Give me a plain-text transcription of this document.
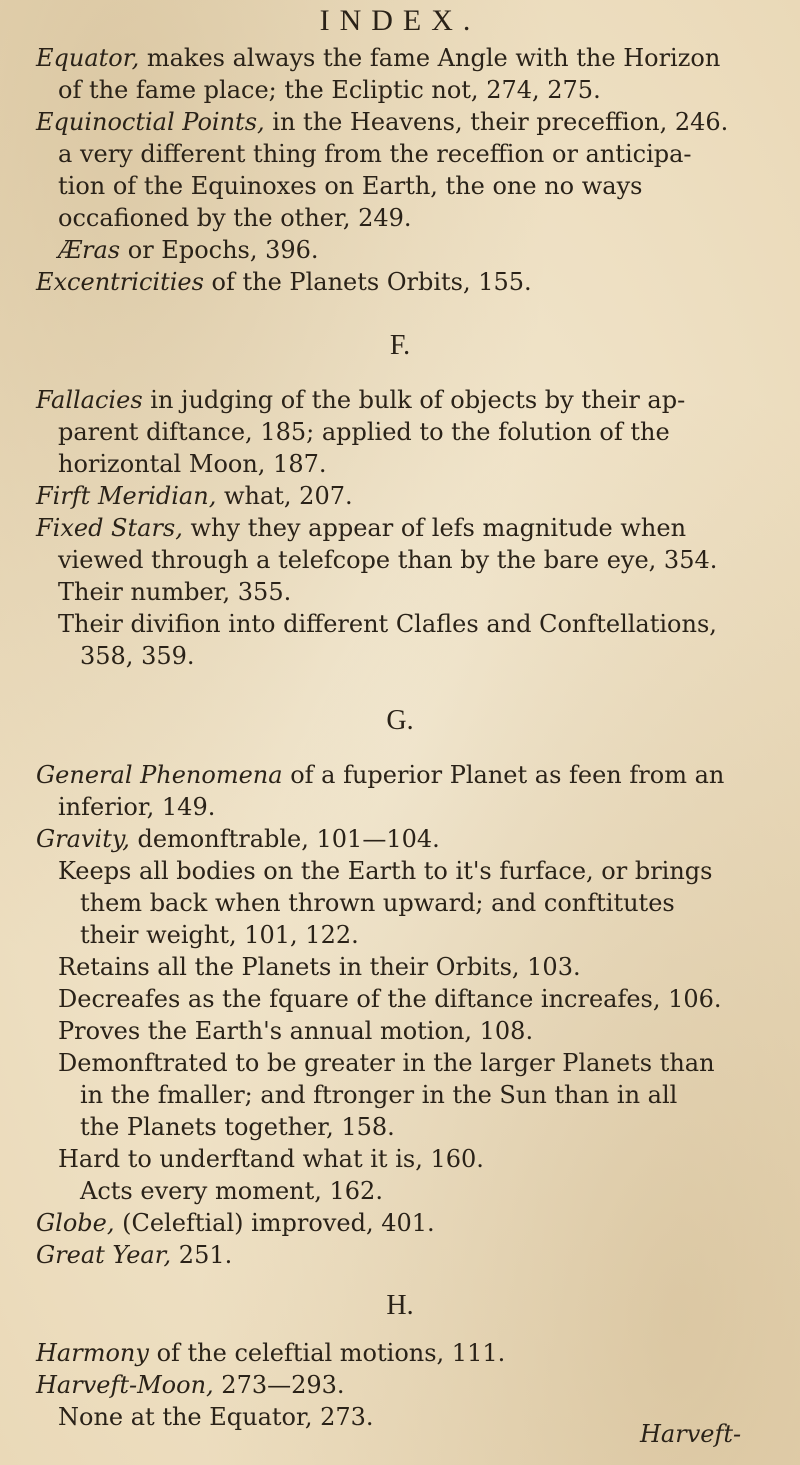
INDEX.
Equator, makes always the fame Angle with the Horizon
of the fame place; the Ecliptic not, 274, 275.
Equinoctial Points, in the Heavens, their preceffion, 246.
a very different thing from the receffion or anticipa-
tion of the Equinoxes on Earth, the one no ways
occafioned by the other, 249.
Æras or Epochs, 396.
Excentricities of the Planets Orbits, 155.
F.
Fallacies in judging of the bulk of objects by their ap-
parent diftance, 185; applied to the folution of the
horizontal Moon, 187.
Firft Meridian, what, 207.
Fixed Stars, why they appear of lefs magnitude when
viewed through a telefcope than by the bare eye, 354.
Their number, 355.
Their divifion into different Clafles and Conftellations,
358, 359.
G.
General Phenomena of a fuperior Planet as feen from an
inferior, 149.
Gravity, demonftrable, 101—104.
Keeps all bodies on the Earth to it's furface, or brings
them back when thrown upward; and conftitutes
their weight, 101, 122.
Retains all the Planets in their Orbits, 103.
Decreafes as the fquare of the diftance increafes, 106.
Proves the Earth's annual motion, 108.
Demonftrated to be greater in the larger Planets than
in the fmaller; and ftronger in the Sun than in all
the Planets together, 158.
Hard to underftand what it is, 160.
Acts every moment, 162.
Globe, (Celeftial) improved, 401.
Great Year, 251.
H.
Harmony of the celeftial motions, 111.
Harveft-Moon, 273—293.
None at the Equator, 273.
Harveft-
